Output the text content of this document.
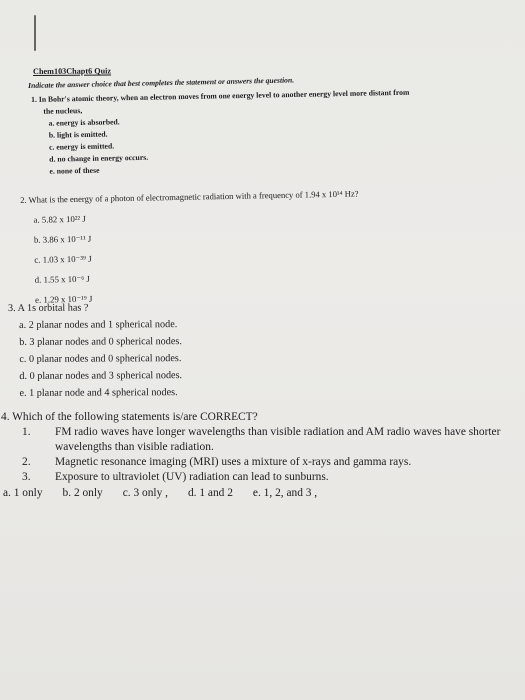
Chem103Chapt6 Quiz
Indicate the answer choice that best completes the statement or answers the question.
1. In Bohr's atomic theory, when an electron moves from one energy level to another energy level more distant from
the nucleus,
a. energy is absorbed.
b. light is emitted.
c. energy is emitted.
d. no change in energy occurs.
e. none of these
2. What is the energy of a photon of electromagnetic radiation with a frequency of 1.94 x 10¹⁴ Hz?
a. 5.82 x 10²² J
b. 3.86 x 10⁻¹¹ J
c. 1.03 x 10⁻³⁹ J
d. 1.55 x 10⁻⁶ J
e. 1.29 x 10⁻¹⁹ J
3. A 1s orbital has ?
a. 2 planar nodes and 1 spherical node.
b. 3 planar nodes and 0 spherical nodes.
c. 0 planar nodes and 0 spherical nodes.
d. 0 planar nodes and 3 spherical nodes.
e. 1 planar node and 4 spherical nodes.
4. Which of the following statements is/are CORRECT?
1.	FM radio waves have longer wavelengths than visible radiation and AM radio waves have shorter wavelengths than visible radiation.
2.	Magnetic resonance imaging (MRI) uses a mixture of x-rays and gamma rays.
3.	Exposure to ultraviolet (UV) radiation can lead to sunburns.
a. 1 only b. 2 only c. 3 only , d. 1 and 2 e. 1, 2, and 3 ,
